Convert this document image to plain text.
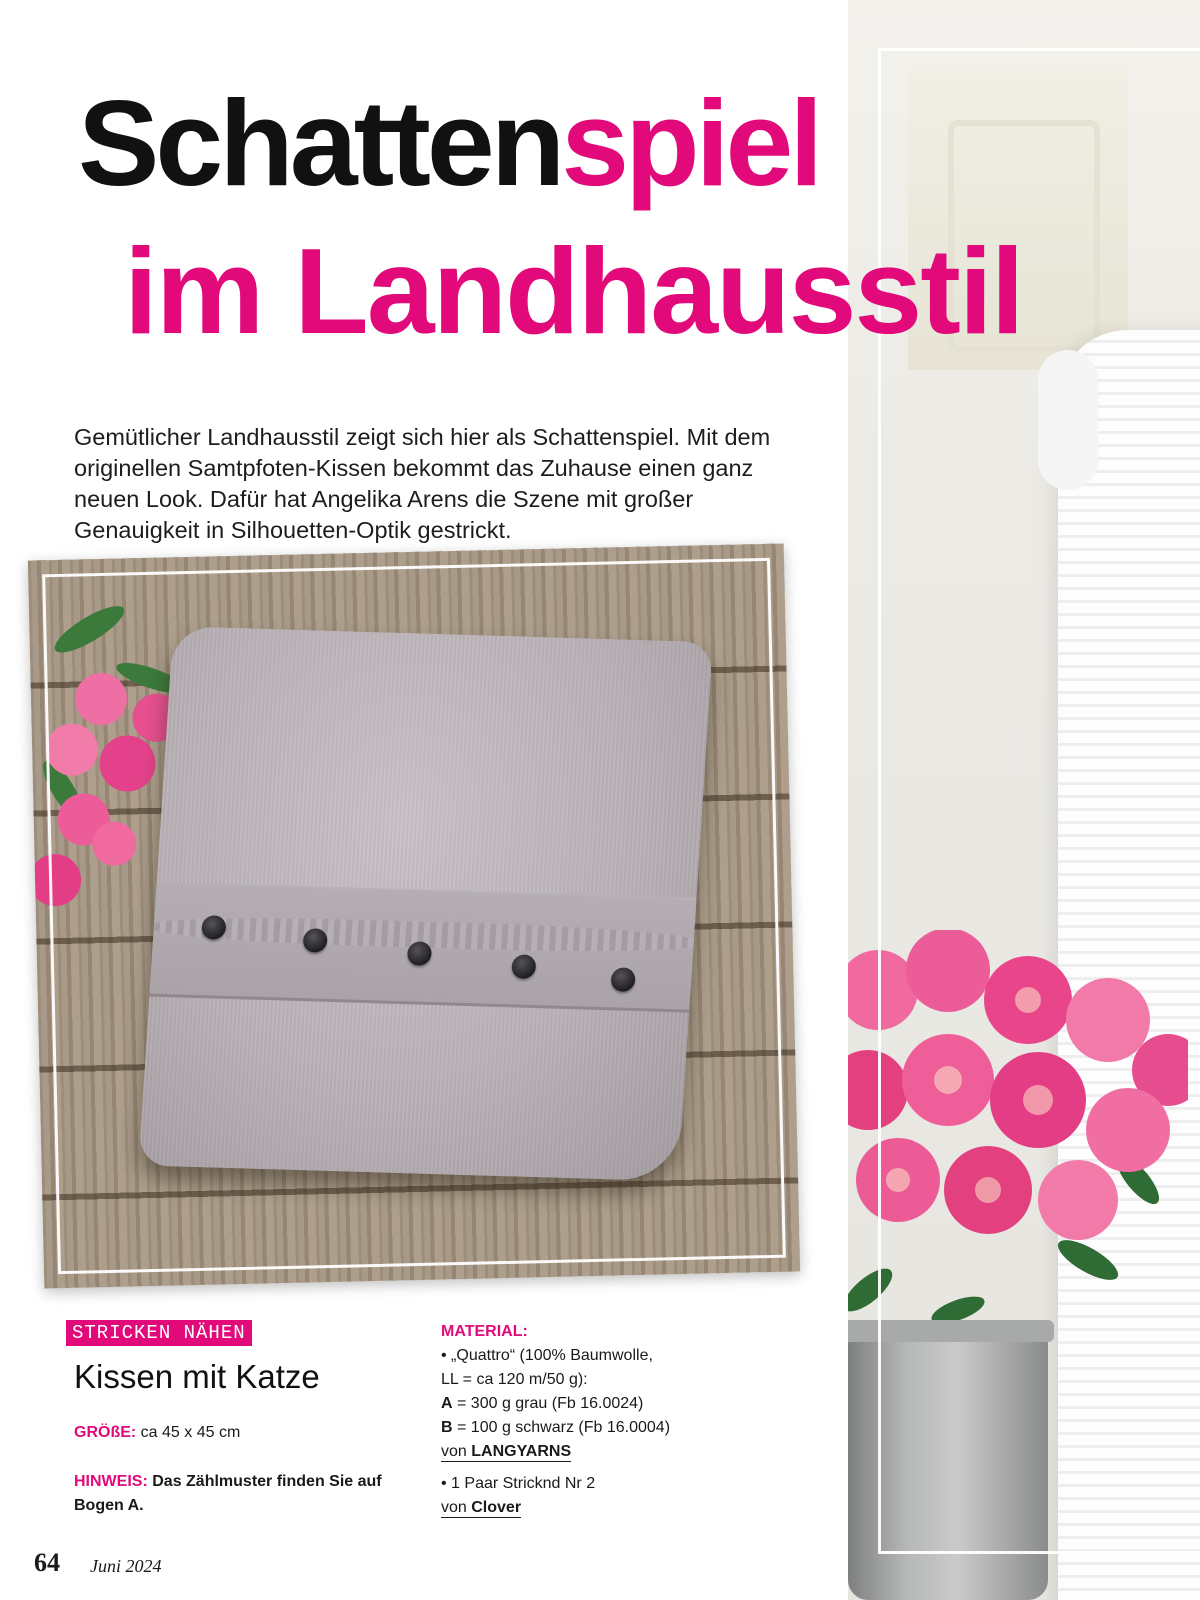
Schattenspiel
im Landhausstil

Gemütlicher Landhausstil zeigt sich hier als Schattenspiel. Mit dem originellen Samtpfoten-Kissen bekommt das Zuhause einen ganz neuen Look. Dafür hat Angelika Arens die Szene mit großer Genauigkeit in Silhouetten-Optik gestrickt.

STRICKEN NÄHEN
Kissen mit Katze
GRÖßE: ca 45 x 45 cm
HINWEIS: Das Zählmuster finden Sie auf Bogen A.
MATERIAL:
• „Quattro“ (100% Baumwolle,
LL = ca 120 m/50 g):
A = 300 g grau (Fb 16.0024)
B = 100 g schwarz (Fb 16.0004)
von LANGYARNS
• 1 Paar Stricknd Nr 2
von Clover
64 Juni 2024
